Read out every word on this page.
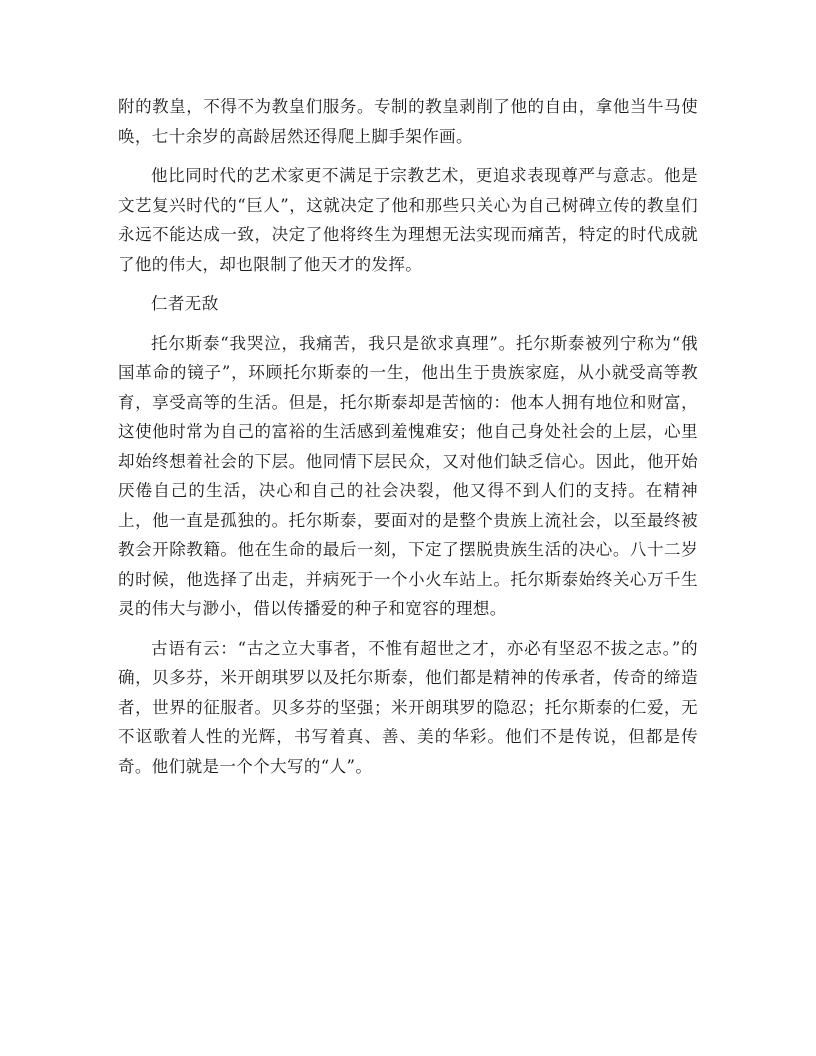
附的教皇，不得不为教皇们服务。专制的教皇剥削了他的自由，拿他当牛马使唤，七十余岁的高龄居然还得爬上脚手架作画。

他比同时代的艺术家更不满足于宗教艺术，更追求表现尊严与意志。他是文艺复兴时代的“巨人”，这就决定了他和那些只关心为自己树碑立传的教皇们永远不能达成一致，决定了他将终生为理想无法实现而痛苦，特定的时代成就了他的伟大，却也限制了他天才的发挥。

仁者无敌

托尔斯泰“我哭泣，我痛苦，我只是欲求真理”。托尔斯泰被列宁称为“俄国革命的镜子”，环顾托尔斯泰的一生，他出生于贵族家庭，从小就受高等教育，享受高等的生活。但是，托尔斯泰却是苦恼的：他本人拥有地位和财富，这使他时常为自己的富裕的生活感到羞愧难安；他自己身处社会的上层，心里却始终想着社会的下层。他同情下层民众，又对他们缺乏信心。因此，他开始厌倦自己的生活，决心和自己的社会决裂，他又得不到人们的支持。在精神上，他一直是孤独的。托尔斯泰，要面对的是整个贵族上流社会，以至最终被教会开除教籍。他在生命的最后一刻，下定了摆脱贵族生活的决心。八十二岁的时候，他选择了出走，并病死于一个小火车站上。托尔斯泰始终关心万千生灵的伟大与渺小，借以传播爱的种子和宽容的理想。

古语有云：“古之立大事者，不惟有超世之才，亦必有坚忍不拔之志。”的确，贝多芬，米开朗琪罗以及托尔斯泰，他们都是精神的传承者，传奇的缔造者，世界的征服者。贝多芬的坚强；米开朗琪罗的隐忍；托尔斯泰的仁爱，无不讴歌着人性的光辉，书写着真、善、美的华彩。他们不是传说，但都是传奇。他们就是一个个大写的“人”。
